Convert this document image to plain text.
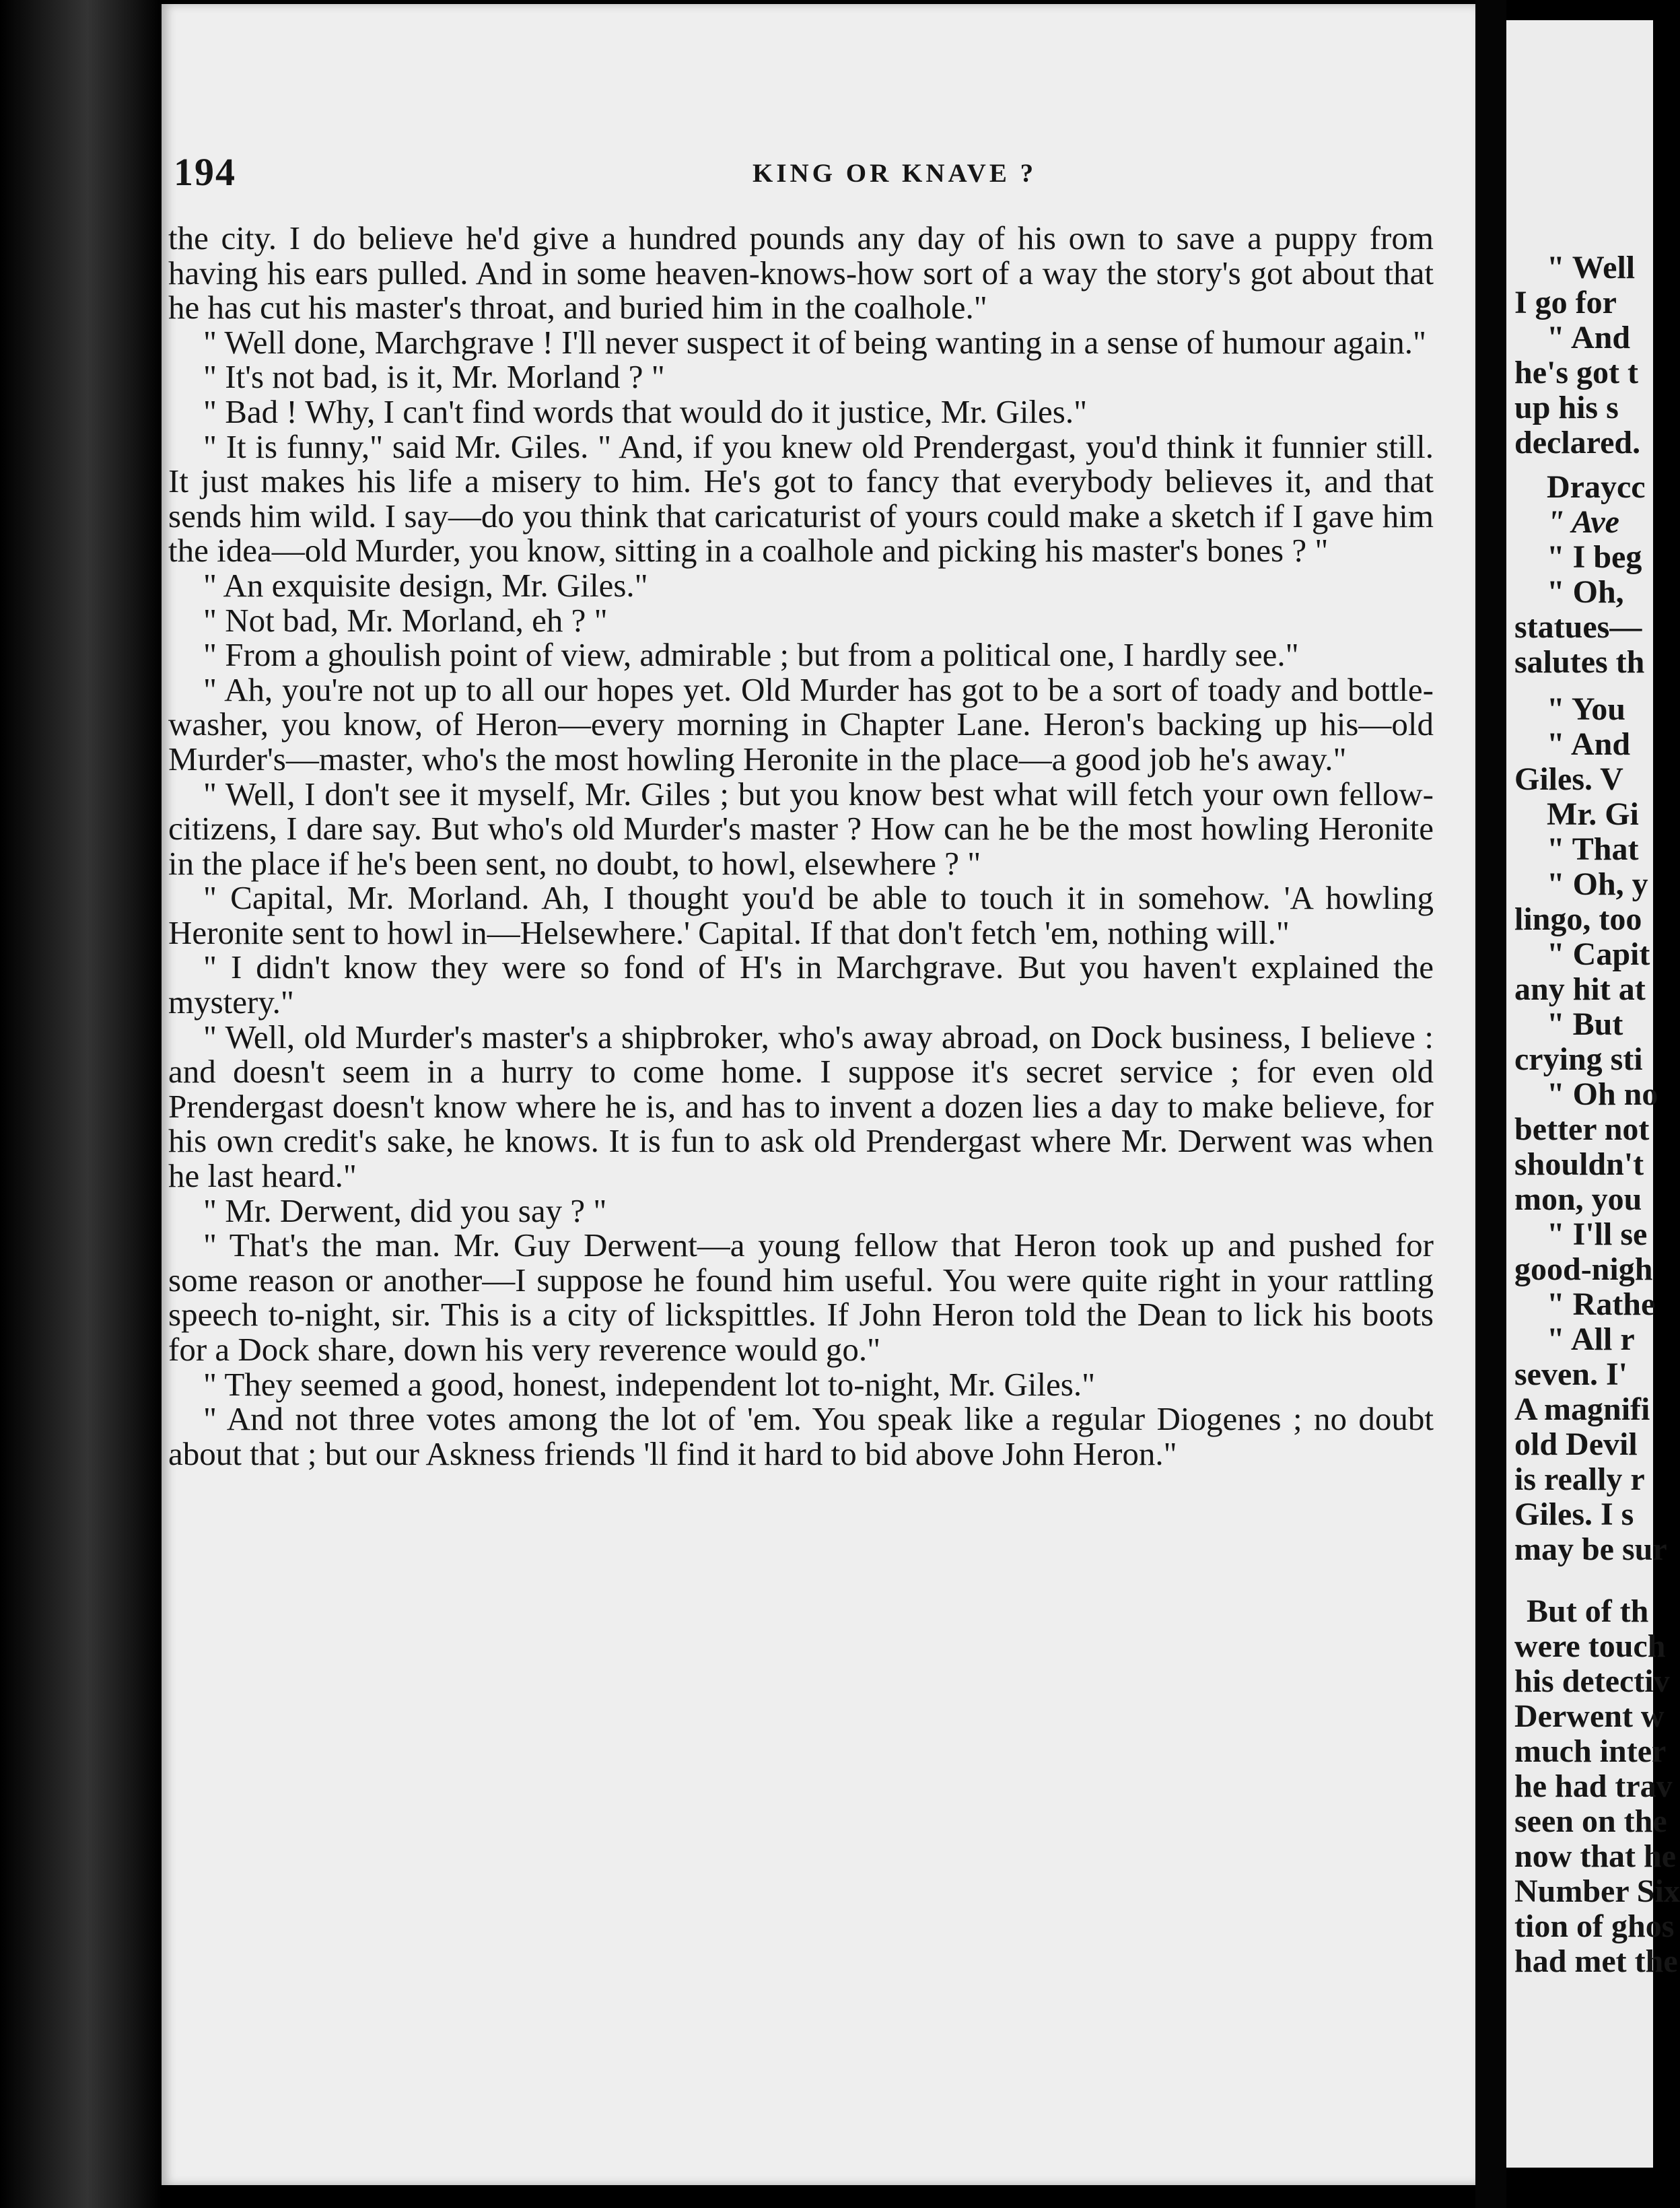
194	KING OR KNAVE ?

the city. I do believe he'd give a hundred pounds any day of his own to save a puppy from having his ears pulled. And in some heaven-knows-how sort of a way the story's got about that he has cut his master's throat, and buried him in the coalhole."

" Well done, Marchgrave ! I'll never suspect it of being wanting in a sense of humour again."

" It's not bad, is it, Mr. Morland ? "

" Bad ! Why, I can't find words that would do it justice, Mr. Giles."

" It is funny," said Mr. Giles. " And, if you knew old Prendergast, you'd think it funnier still. It just makes his life a misery to him. He's got to fancy that everybody believes it, and that sends him wild. I say—do you think that caricaturist of yours could make a sketch if I gave him the idea—old Murder, you know, sitting in a coalhole and picking his master's bones ? "

" An exquisite design, Mr. Giles."

" Not bad, Mr. Morland, eh ? "

" From a ghoulish point of view, admirable ; but from a political one, I hardly see."

" Ah, you're not up to all our hopes yet. Old Murder has got to be a sort of toady and bottle-washer, you know, of Heron—every morning in Chapter Lane. Heron's backing up his—old Murder's—master, who's the most howling Heronite in the place—a good job he's away."

" Well, I don't see it myself, Mr. Giles ; but you know best what will fetch your own fellow-citizens, I dare say. But who's old Murder's master ? How can he be the most howling Heronite in the place if he's been sent, no doubt, to howl, elsewhere ? "

" Capital, Mr. Morland. Ah, I thought you'd be able to touch it in somehow. 'A howling Heronite sent to howl in—Helsewhere.' Capital. If that don't fetch 'em, nothing will."

" I didn't know they were so fond of H's in Marchgrave. But you haven't explained the mystery."

" Well, old Murder's master's a shipbroker, who's away abroad, on Dock business, I believe : and doesn't seem in a hurry to come home. I suppose it's secret service ; for even old Prendergast doesn't know where he is, and has to invent a dozen lies a day to make believe, for his own credit's sake, he knows. It is fun to ask old Prendergast where Mr. Derwent was when he last heard."

" Mr. Derwent, did you say ? "

" That's the man. Mr. Guy Derwent—a young fellow that Heron took up and pushed for some reason or another—I suppose he found him useful. You were quite right in your rattling speech to-night, sir. This is a city of lickspittles. If John Heron told the Dean to lick his boots for a Dock share, down his very reverence would go."

" They seemed a good, honest, independent lot to-night, Mr. Giles."

" And not three votes among the lot of 'em. You speak like a regular Diogenes ; no doubt about that ; but our Askness friends 'll find it hard to bid above John Heron."

" Well
I go for
" And
he's got t
up his s
declared.
Draycc
" Ave
" I beg
" Oh,
statues—
salutes th
" You
" And
Giles. V
Mr. Gi
" That
" Oh, y
lingo, too
" Capit
any hit at
" But
crying sti
" Oh no
better not
shouldn't
mon, you
" I'll se
good-nigh
" Rathe
" All r
seven. I'
A magnifi
old Devil
is really r
Giles. I s
may be sur
But of th
were touch
his detectiv
Derwent w
much inter
he had trav
seen on the
now that he
Number Six
tion of ghos
had met the
